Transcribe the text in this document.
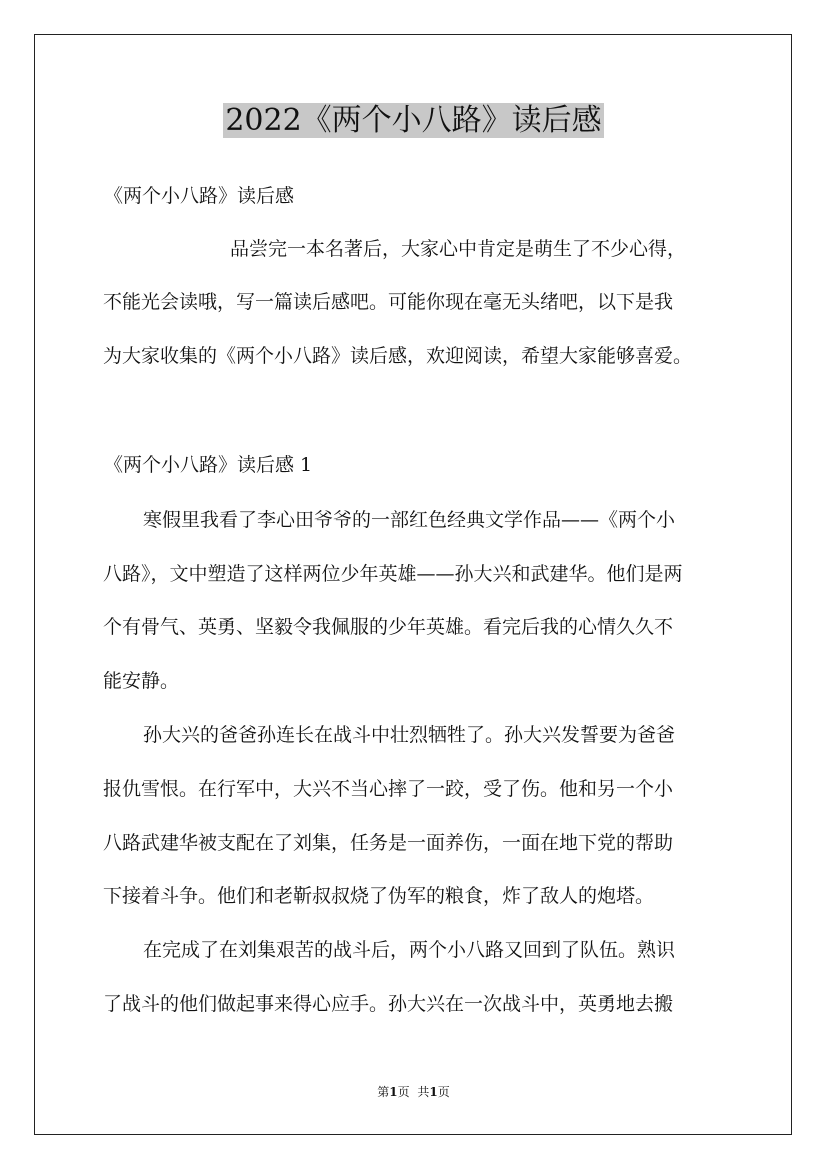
2022《两个小八路》读后感
《两个小八路》读后感
品尝完一本名著后，大家心中肯定是萌生了不少心得，
不能光会读哦，写一篇读后感吧。可能你现在毫无头绪吧，以下是我
为大家收集的《两个小八路》读后感，欢迎阅读，希望大家能够喜爱。
《两个小八路》读后感 1
寒假里我看了李心田爷爷的一部红色经典文学作品——《两个小
八路》，文中塑造了这样两位少年英雄——孙大兴和武建华。他们是两
个有骨气、英勇、坚毅令我佩服的少年英雄。看完后我的心情久久不
能安静。
孙大兴的爸爸孙连长在战斗中壮烈牺牲了。孙大兴发誓要为爸爸
报仇雪恨。在行军中，大兴不当心摔了一跤，受了伤。他和另一个小
八路武建华被支配在了刘集，任务是一面养伤，一面在地下党的帮助
下接着斗争。他们和老靳叔叔烧了伪军的粮食，炸了敌人的炮塔。
在完成了在刘集艰苦的战斗后，两个小八路又回到了队伍。熟识
了战斗的他们做起事来得心应手。孙大兴在一次战斗中，英勇地去搬
第1页 共1页
